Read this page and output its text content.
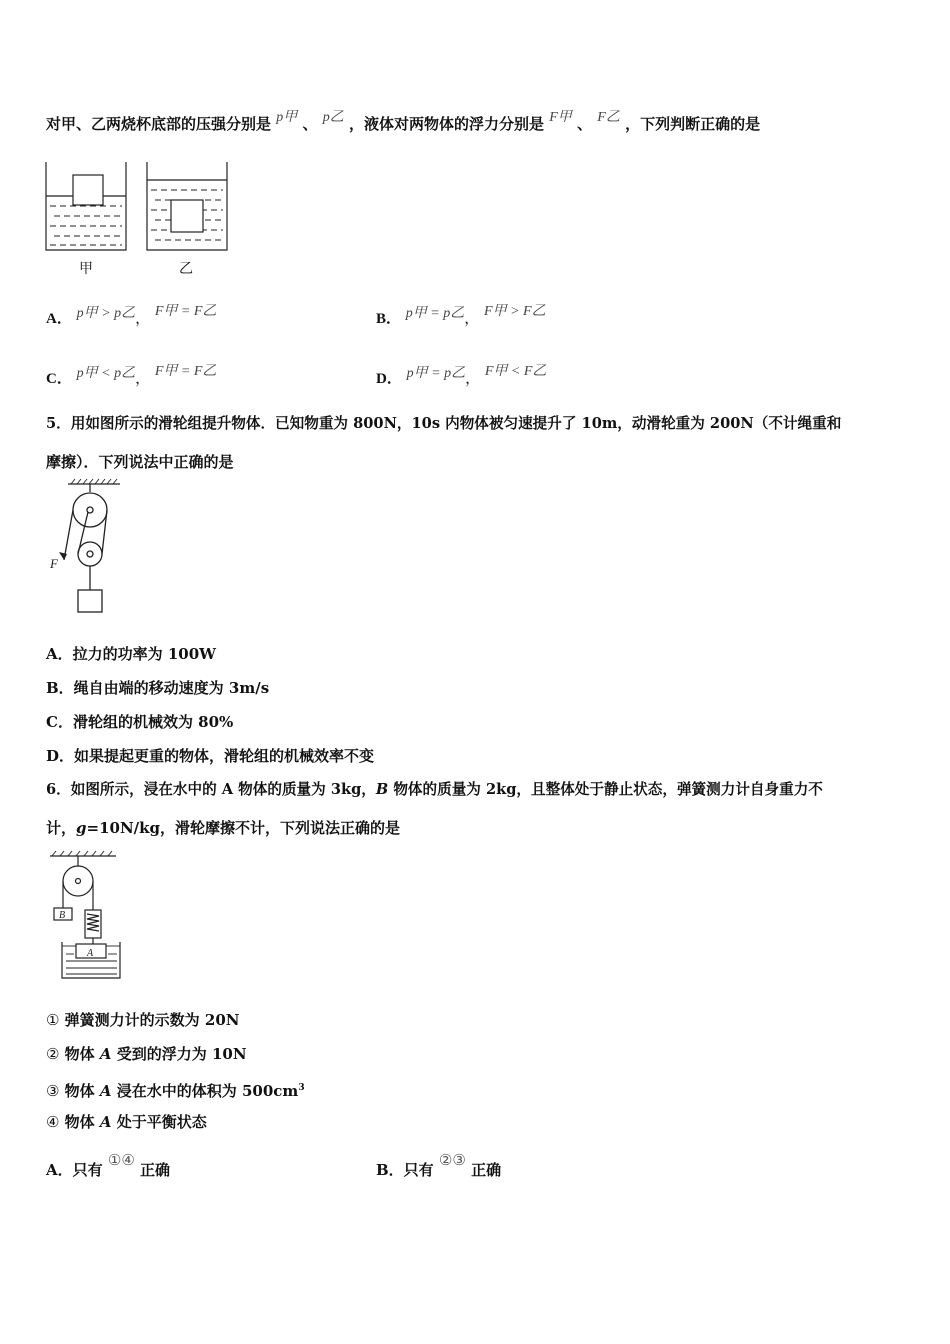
对甲、乙两烧杯底部的压强分别是 p甲 、 p乙 ，液体对两物体的浮力分别是 F甲 、 F乙 ，下列判断正确的是
甲	乙
A． p甲 > p乙， F甲 = F乙	B． p甲 = p乙， F甲 > F乙
C． p甲 < p乙， F甲 = F乙	D． p甲 = p乙， F甲 < F乙
5．用如图所示的滑轮组提升物体．已知物重为 800N，10s 内物体被匀速提升了 10m，动滑轮重为 200N（不计绳重和
摩擦）．下列说法中正确的是
F
A．拉力的功率为 100W
B．绳自由端的移动速度为 3m/s
C．滑轮组的机械效为 80%
D．如果提起更重的物体，滑轮组的机械效率不变
6．如图所示，浸在水中的 A 物体的质量为 3kg，B 物体的质量为 2kg，且整体处于静止状态，弹簧测力计自身重力不
计，g=10N/kg，滑轮摩擦不计，下列说法正确的是
B
A
① 弹簧测力计的示数为 20N
② 物体 A 受到的浮力为 10N
③ 物体 A 浸在水中的体积为 $500cm^3$
④ 物体 A 处于平衡状态
A．只有 ①④ 正确	B．只有 ②③ 正确
